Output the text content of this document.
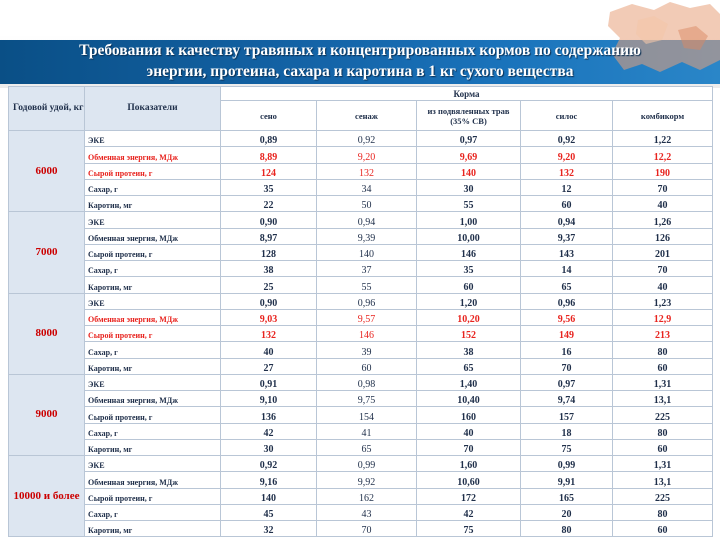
Требования к качеству травяных и концентрированных кормов по содержанию
энергии, протеина, сахара и каротина в 1 кг сухого вещества
Годовой удой, кг	Показатели	Корма				
		сено	сенаж	из подвяленных трав (35% СВ)	силос	комбикорм
6000	ЭКЕ	0,89	0,92	0,97	0,92	1,22
	Обменная энергия, МДж	8,89	9,20	9,69	9,20	12,2
	Сырой протеин, г	124	132	140	132	190
	Сахар, г	35	34	30	12	70
	Каротин, мг	22	50	55	60	40
7000	ЭКЕ	0,90	0,94	1,00	0,94	1,26
	Обменная энергия, МДж	8,97	9,39	10,00	9,37	126
	Сырой протеин, г	128	140	146	143	201
	Сахар, г	38	37	35	14	70
	Каротин, мг	25	55	60	65	40
8000	ЭКЕ	0,90	0,96	1,20	0,96	1,23
	Обменная энергия, МДж	9,03	9,57	10,20	9,56	12,9
	Сырой протеин, г	132	146	152	149	213
	Сахар, г	40	39	38	16	80
	Каротин, мг	27	60	65	70	60
9000	ЭКЕ	0,91	0,98	1,40	0,97	1,31
	Обменная энергия, МДж	9,10	9,75	10,40	9,74	13,1
	Сырой протеин, г	136	154	160	157	225
	Сахар, г	42	41	40	18	80
	Каротин, мг	30	65	70	75	60
10000 и более	ЭКЕ	0,92	0,99	1,60	0,99	1,31
	Обменная энергия, МДж	9,16	9,92	10,60	9,91	13,1
	Сырой протеин, г	140	162	172	165	225
	Сахар, г	45	43	42	20	80
	Каротин, мг	32	70	75	80	60
